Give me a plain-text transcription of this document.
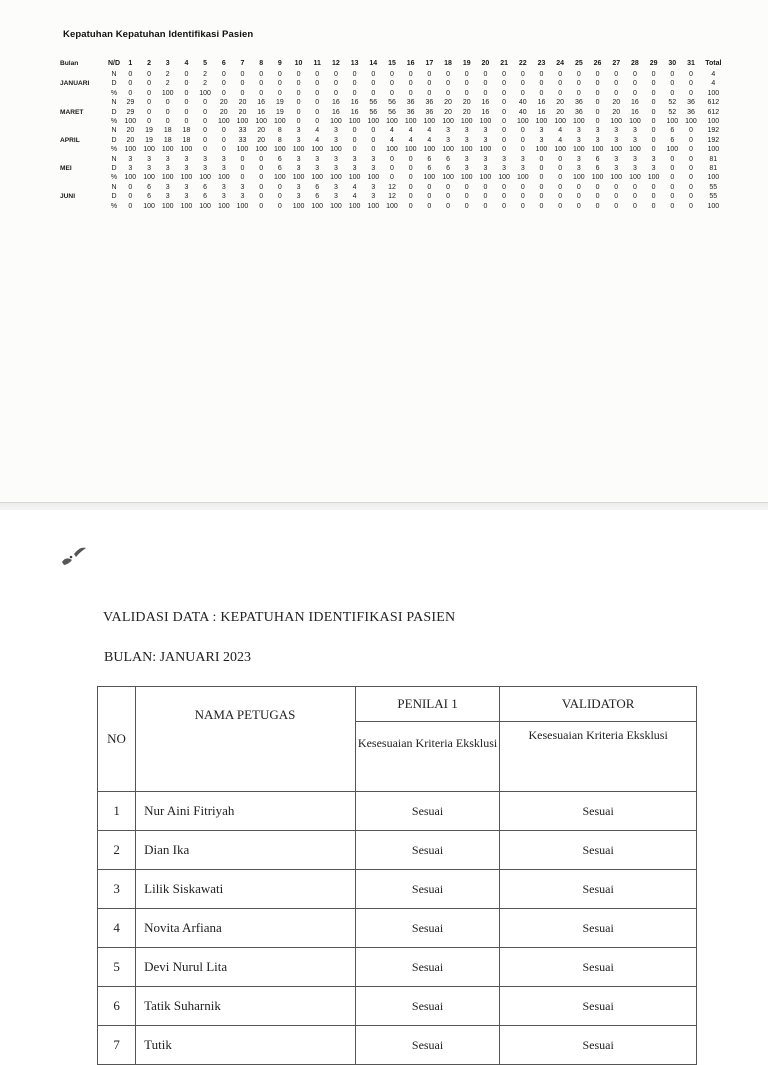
Kepatuhan Kepatuhan Identifikasi Pasien
Bulan	N/D	1	2	3	4	5	6	7	8	9	10	11	12	13	14	15	16	17	18	19	20	21	22	23	24	25	26	27	28	29	30	31	Total
	N	0	0	2	0	2	0	0	0	0	0	0	0	0	0	0	0	0	0	0	0	0	0	0	0	0	0	0	0	0	0	0	4
JANUARI	D	0	0	2	0	2	0	0	0	0	0	0	0	0	0	0	0	0	0	0	0	0	0	0	0	0	0	0	0	0	0	0	4
	%	0	0	100	0	100	0	0	0	0	0	0	0	0	0	0	0	0	0	0	0	0	0	0	0	0	0	0	0	0	0	0	100
	N	29	0	0	0	0	20	20	16	19	0	0	16	16	56	56	36	36	20	20	16	0	40	16	20	36	0	20	16	0	52	36	612
MARET	D	29	0	0	0	0	20	20	16	19	0	0	16	16	56	56	36	36	20	20	16	0	40	16	20	36	0	20	16	0	52	36	612
	%	100	0	0	0	0	100	100	100	100	0	0	100	100	100	100	100	100	100	100	100	0	100	100	100	100	0	100	100	0	100	100	100
	N	20	19	18	18	0	0	33	20	8	3	4	3	0	0	4	4	4	3	3	3	0	0	3	4	3	3	3	3	0	6	0	192
APRIL	D	20	19	18	18	0	0	33	20	8	3	4	3	0	0	4	4	4	3	3	3	0	0	3	4	3	3	3	3	0	6	0	192
	%	100	100	100	100	0	0	100	100	100	100	100	100	0	0	100	100	100	100	100	100	0	0	100	100	100	100	100	100	0	100	0	100
	N	3	3	3	3	3	3	0	0	6	3	3	3	3	3	0	0	6	6	3	3	3	3	0	0	3	6	3	3	3	0	0	81
MEI	D	3	3	3	3	3	3	0	0	6	3	3	3	3	3	0	0	6	6	3	3	3	3	0	0	3	6	3	3	3	0	0	81
	%	100	100	100	100	100	100	0	0	100	100	100	100	100	100	0	0	100	100	100	100	100	100	0	0	100	100	100	100	100	0	0	100
	N	0	6	3	3	6	3	3	0	0	3	6	3	4	3	12	0	0	0	0	0	0	0	0	0	0	0	0	0	0	0	0	55
JUNI	D	0	6	3	3	6	3	3	0	0	3	6	3	4	3	12	0	0	0	0	0	0	0	0	0	0	0	0	0	0	0	0	55
	%	0	100	100	100	100	100	100	0	0	100	100	100	100	100	100	0	0	0	0	0	0	0	0	0	0	0	0	0	0	0	0	100
VALIDASI DATA : KEPATUHAN IDENTIFIKASI PASIEN
BULAN: JANUARI 2023
NO	NAMA PETUGAS	PENILAI 1	VALIDATOR
		Kesesuaian Kriteria Eksklusi	Kesesuaian Kriteria Eksklusi
1	Nur Aini Fitriyah	Sesuai	Sesuai
2	Dian Ika	Sesuai	Sesuai
3	Lilik Siskawati	Sesuai	Sesuai
4	Novita Arfiana	Sesuai	Sesuai
5	Devi Nurul Lita	Sesuai	Sesuai
6	Tatik Suharnik	Sesuai	Sesuai
7	Tutik	Sesuai	Sesuai
